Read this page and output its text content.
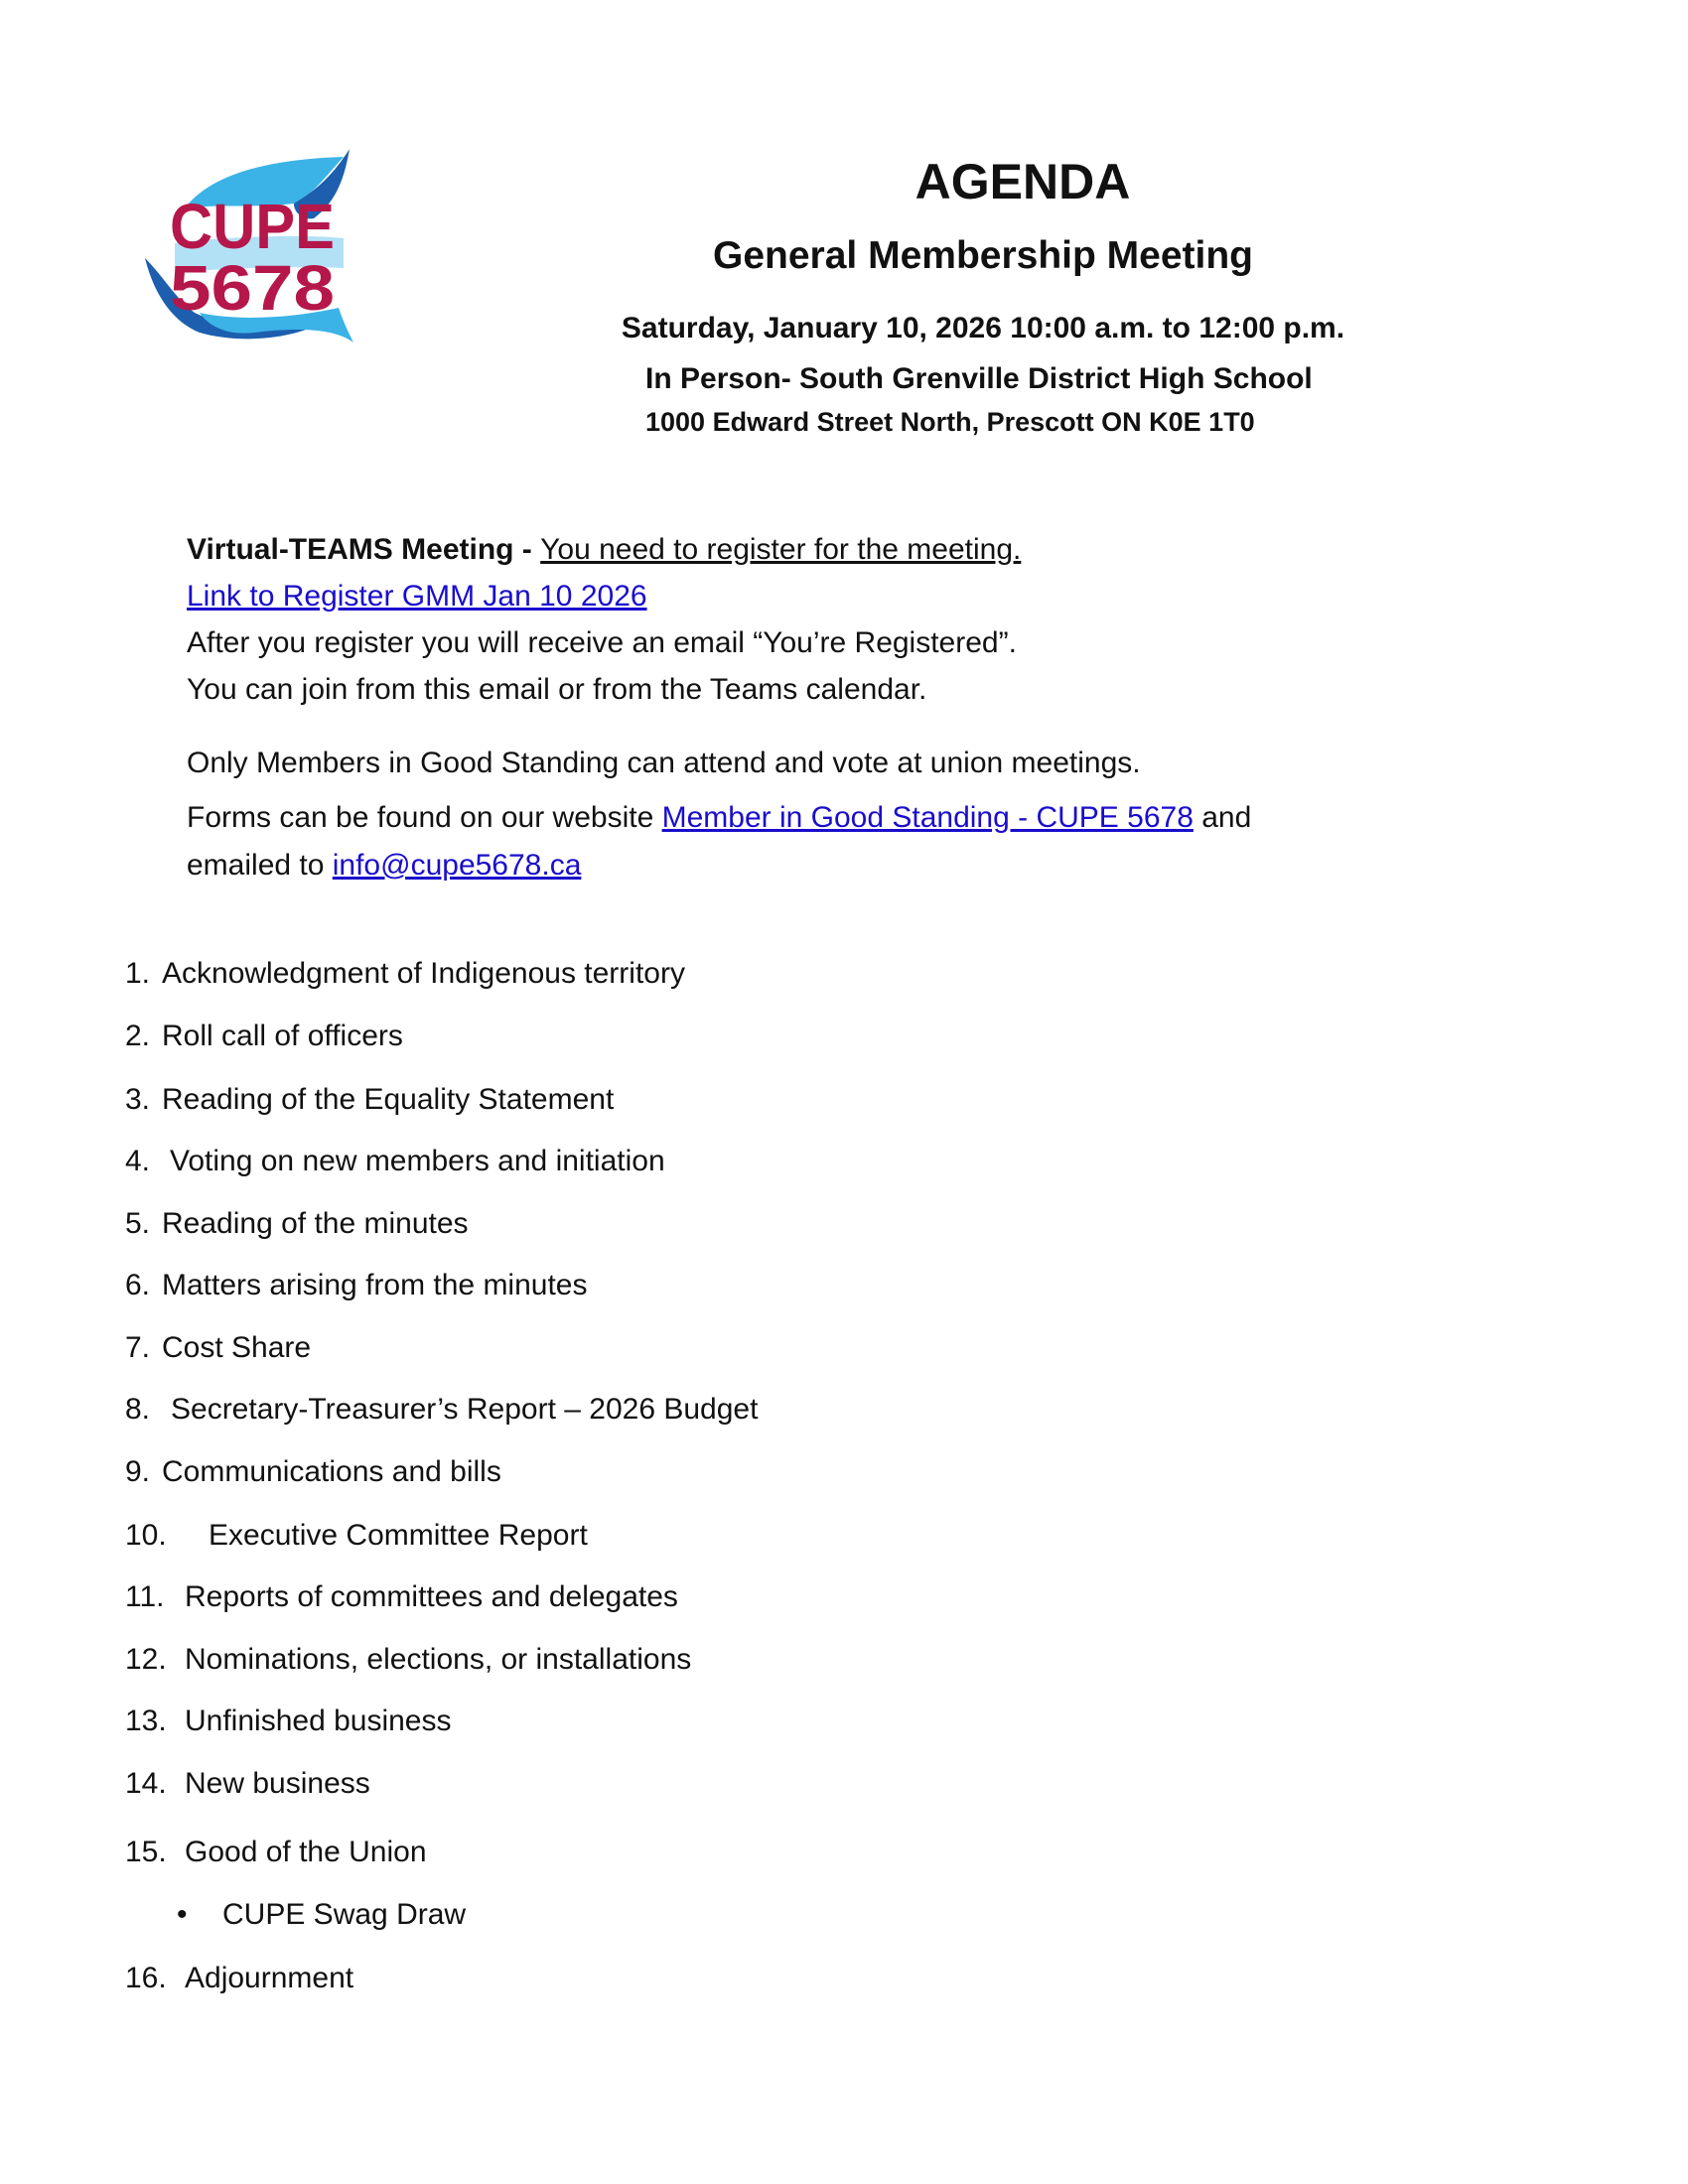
CUPE
5678
AGENDA
General Membership Meeting
Saturday, January 10, 2026 10:00 a.m. to 12:00 p.m.
In Person- South Grenville District High School
1000 Edward Street North, Prescott ON K0E 1T0
Virtual-TEAMS Meeting - You need to register for the meeting.
Link to Register GMM Jan 10 2026
After you register you will receive an email “You’re Registered”.
You can join from this email or from the Teams calendar.
Only Members in Good Standing can attend and vote at union meetings.
Forms can be found on our website Member in Good Standing - CUPE 5678 and
emailed to info@cupe5678.ca
1. Acknowledgment of Indigenous territory
2. Roll call of officers
3. Reading of the Equality Statement
4. Voting on new members and initiation
5. Reading of the minutes
6. Matters arising from the minutes
7. Cost Share
8. Secretary-Treasurer’s Report – 2026 Budget
9. Communications and bills
10. Executive Committee Report
11. Reports of committees and delegates
12. Nominations, elections, or installations
13. Unfinished business
14. New business
15. Good of the Union
• CUPE Swag Draw
16. Adjournment
